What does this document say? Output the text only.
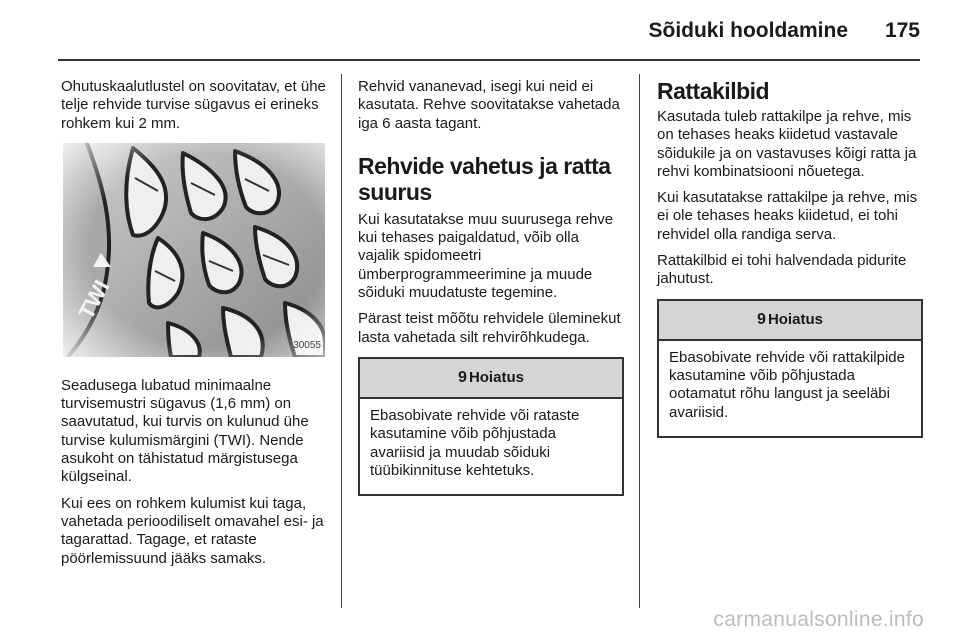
Sõiduki hooldamine 175

Ohutuskaalutlustel on soovitatav, et ühe telje rehvide turvise sügavus ei erineks rohkem kui 2 mm.

TWI
30055

Seadusega lubatud minimaalne turvisemustri sügavus (1,6 mm) on saavutatud, kui turvis on kulunud ühe turvise kulumismärgini (TWI). Nende asukoht on tähistatud märgistusega külgseinal.

Kui ees on rohkem kulumist kui taga, vahetada perioodiliselt omavahel esi- ja tagarattad. Tagage, et rataste pöörlemissuund jääks samaks.

Rehvid vananevad, isegi kui neid ei kasutata. Rehve soovitatakse vahetada iga 6 aasta tagant.

Rehvide vahetus ja ratta suurus

Kui kasutatakse muu suurusega rehve kui tehases paigaldatud, võib olla vajalik spidomeetri ümberprogrammeerimine ja muude sõiduki muudatuste tegemine.

Pärast teist mõõtu rehvidele üleminekut lasta vahetada silt rehvirõhkudega.

9 Hoiatus
Ebasobivate rehvide või rataste kasutamine võib põhjustada avariisid ja muudab sõiduki tüübikinnituse kehtetuks.
Rattakilbid

Kasutada tuleb rattakilpe ja rehve, mis on tehases heaks kiidetud vastavale sõidukile ja on vastavuses kõigi ratta ja rehvi kombinatsiooni nõuetega.

Kui kasutatakse rattakilpe ja rehve, mis ei ole tehases heaks kiidetud, ei tohi rehvidel olla randiga serva.

Rattakilbid ei tohi halvendada pidurite jahutust.

9 Hoiatus
Ebasobivate rehvide või rattakilpide kasutamine võib põhjustada ootamatut rõhu langust ja seeläbi avariisid.
carmanualsonline.info
